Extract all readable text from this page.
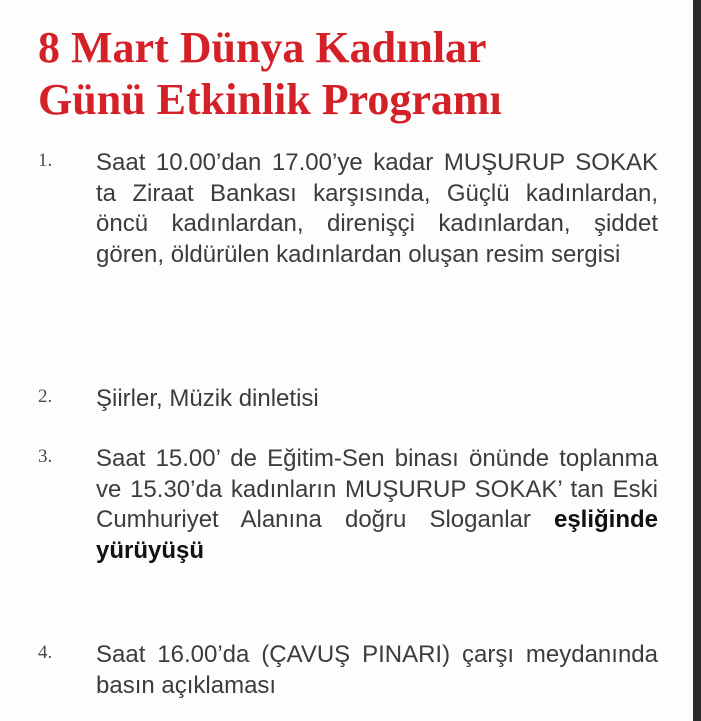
8 Mart Dünya Kadınlar
Günü Etkinlik Programı
1.	Saat 10.00’dan 17.00’ye kadar MUŞURUP SOKAK ta Ziraat Bankası karşısında, Güçlü kadınlardan, öncü kadınlardan, direnişçi kadınlardan, şiddet gören, öldürülen kadınlardan oluşan resim sergisi
2.	Şiirler, Müzik dinletisi
3.	Saat 15.00’ de Eğitim-Sen binası önünde toplanma ve 15.30’da kadınların MUŞURUP SOKAK’ tan Eski Cumhuriyet Alanına doğru Sloganlar eşliğinde yürüyüşü
4.	Saat 16.00’da (ÇAVUŞ PINARI) çarşı meydanında basın açıklaması
